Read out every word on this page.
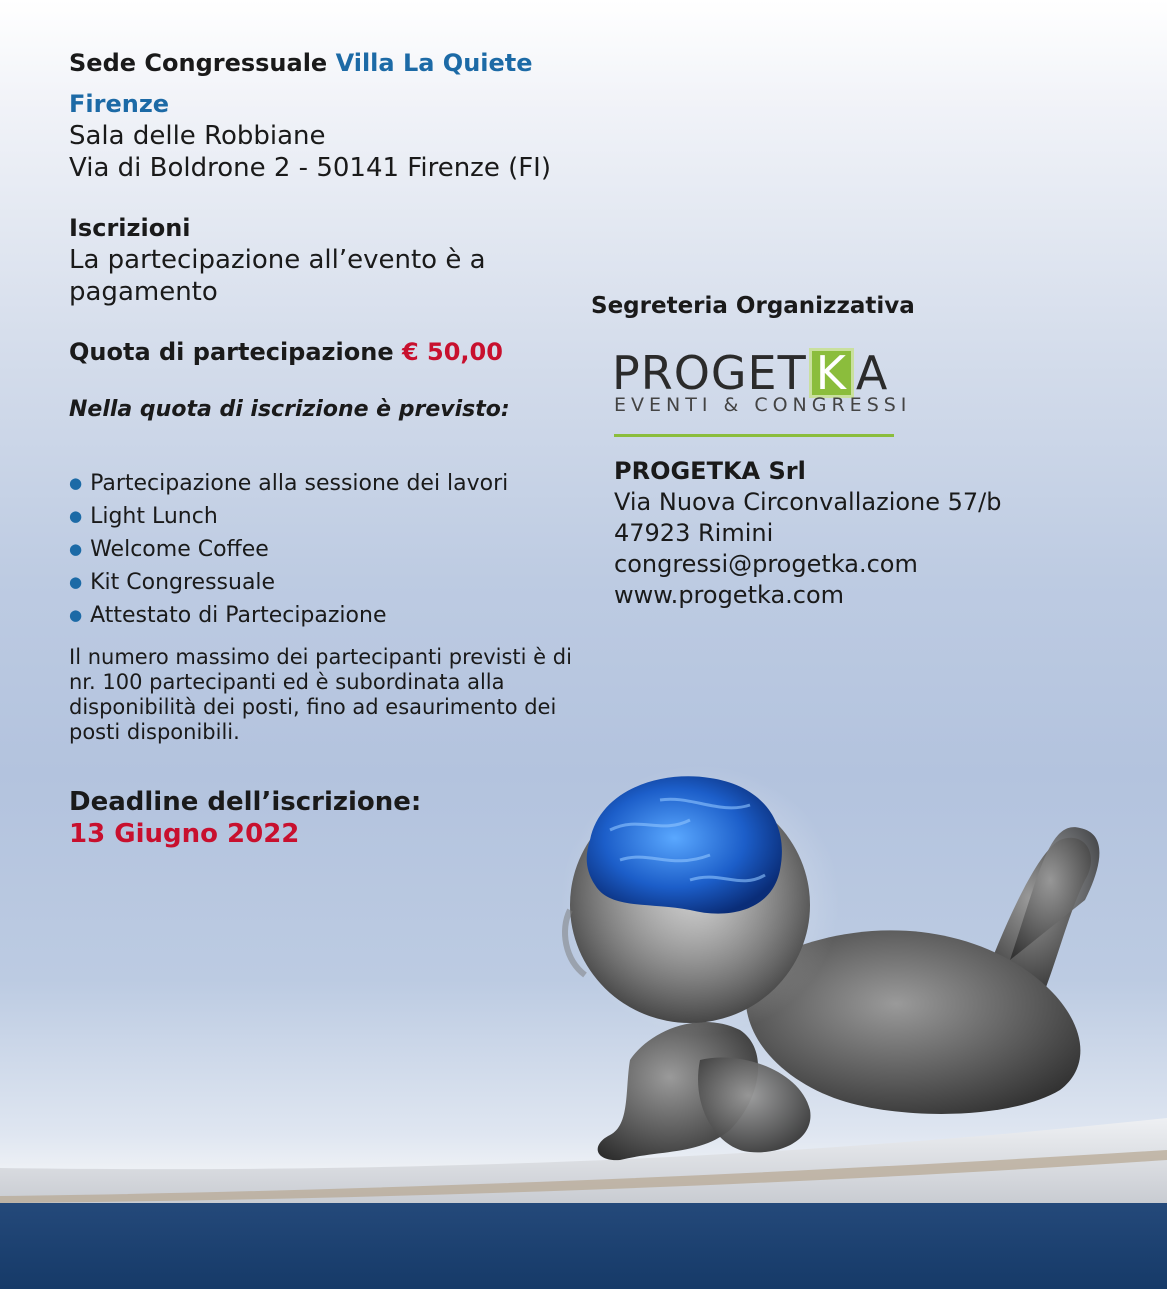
Sede Congressuale Villa La Quiete
Firenze
Sala delle Robbiane
Via di Boldrone 2 - 50141 Firenze (FI)
Iscrizioni
La partecipazione all’evento è a pagamento
Quota di partecipazione € 50,00
Nella quota di iscrizione è previsto:
● Partecipazione alla sessione dei lavori
● Light Lunch
● Welcome Coffee
● Kit Congressuale
● Attestato di Partecipazione
Il numero massimo dei partecipanti previsti è di nr. 100 partecipanti ed è subordinata alla disponibilità dei posti, fino ad esaurimento dei posti disponibili.
Deadline dell’iscrizione:
13 Giugno 2022
Segreteria Organizzativa
PROGET K A
EVENTI & CONGRESSI
PROGETKA Srl
Via Nuova Circonvallazione 57/b
47923 Rimini
congressi@progetka.com
www.progetka.com
